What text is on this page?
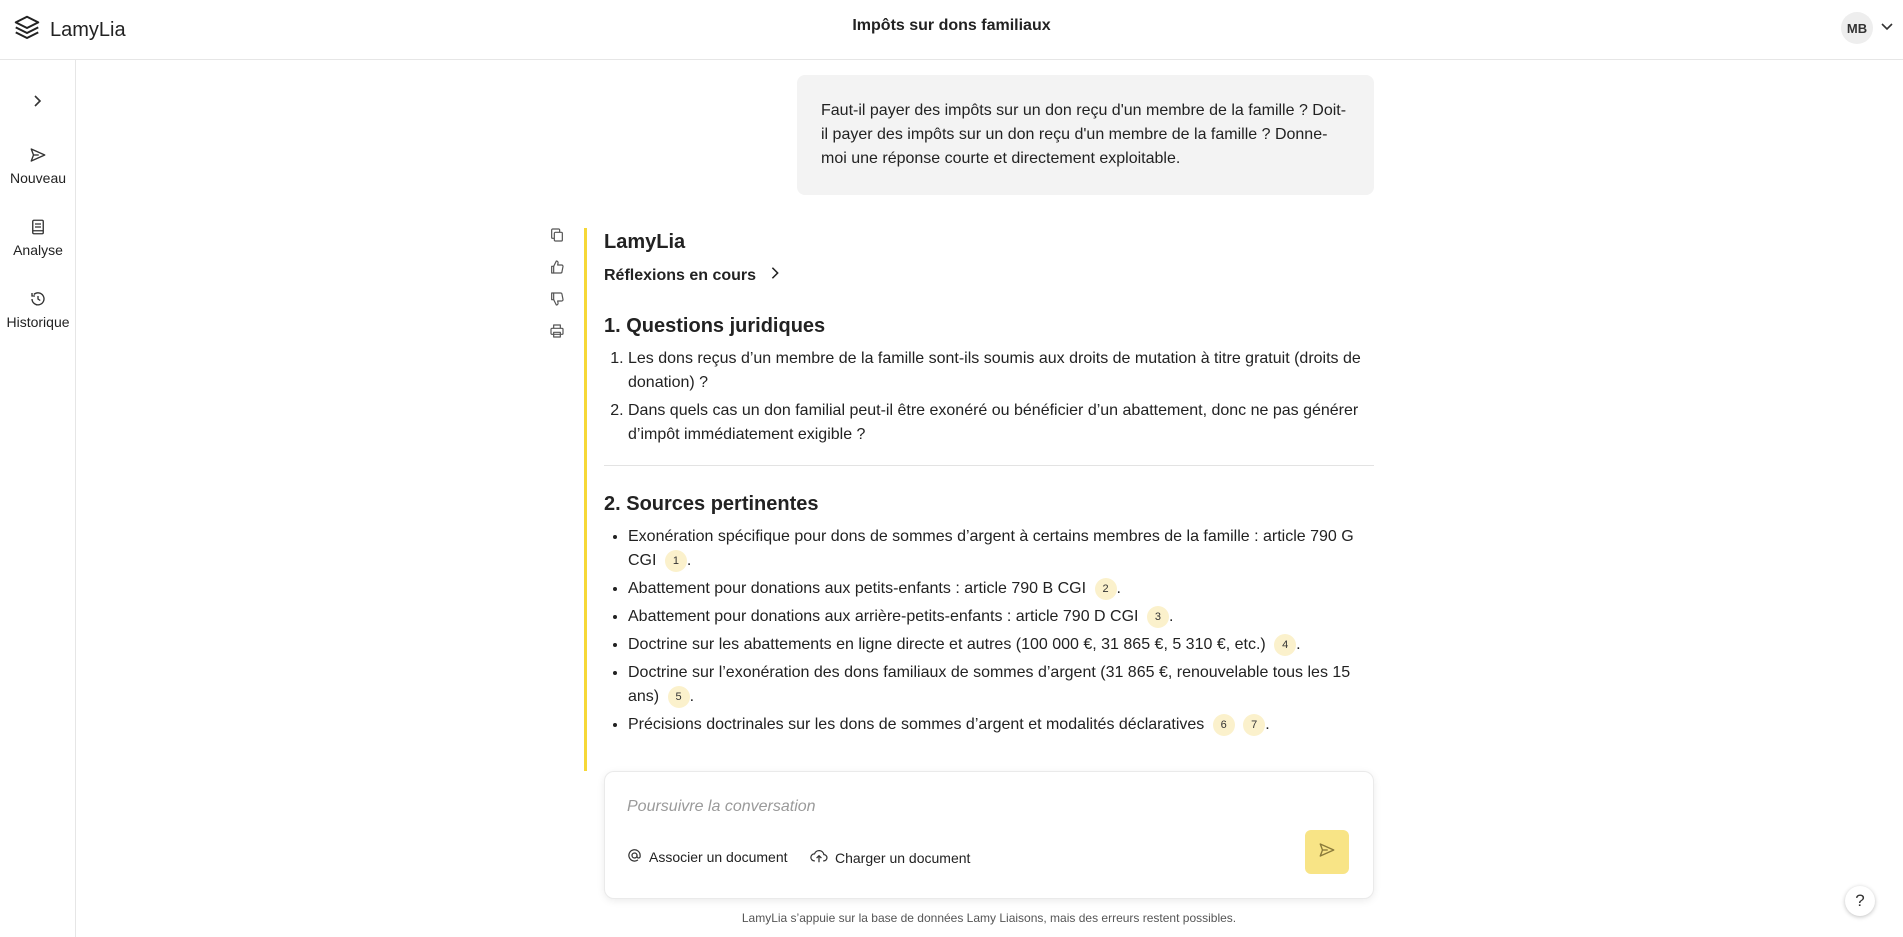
LamyLia	Impôts sur dons familiaux	MB
Nouveau
Analyse
Historique
Faut-il payer des impôts sur un don reçu d'un membre de la famille ? Doit-il payer des impôts sur un don reçu d'un membre de la famille ? Donne-moi une réponse courte et directement exploitable.
LamyLia
Réflexions en cours
1. Questions juridiques
1. Les dons reçus d’un membre de la famille sont-ils soumis aux droits de mutation à titre gratuit (droits de donation) ?
2. Dans quels cas un don familial peut-il être exonéré ou bénéficier d’un abattement, donc ne pas générer d’impôt immédiatement exigible ?
2. Sources pertinentes
• Exonération spécifique pour dons de sommes d’argent à certains membres de la famille : article 790 G CGI 1 .
• Abattement pour donations aux petits-enfants : article 790 B CGI 2 .
• Abattement pour donations aux arrière-petits-enfants : article 790 D CGI 3 .
• Doctrine sur les abattements en ligne directe et autres (100 000 €, 31 865 €, 5 310 €, etc.) 4 .
• Doctrine sur l’exonération des dons familiaux de sommes d’argent (31 865 €, renouvelable tous les 15 ans) 5 .
• Précisions doctrinales sur les dons de sommes d’argent et modalités déclaratives 6 7 .
Poursuivre la conversation
Associer un document	Charger un document
LamyLia s’appuie sur la base de données Lamy Liaisons, mais des erreurs restent possibles.
?
